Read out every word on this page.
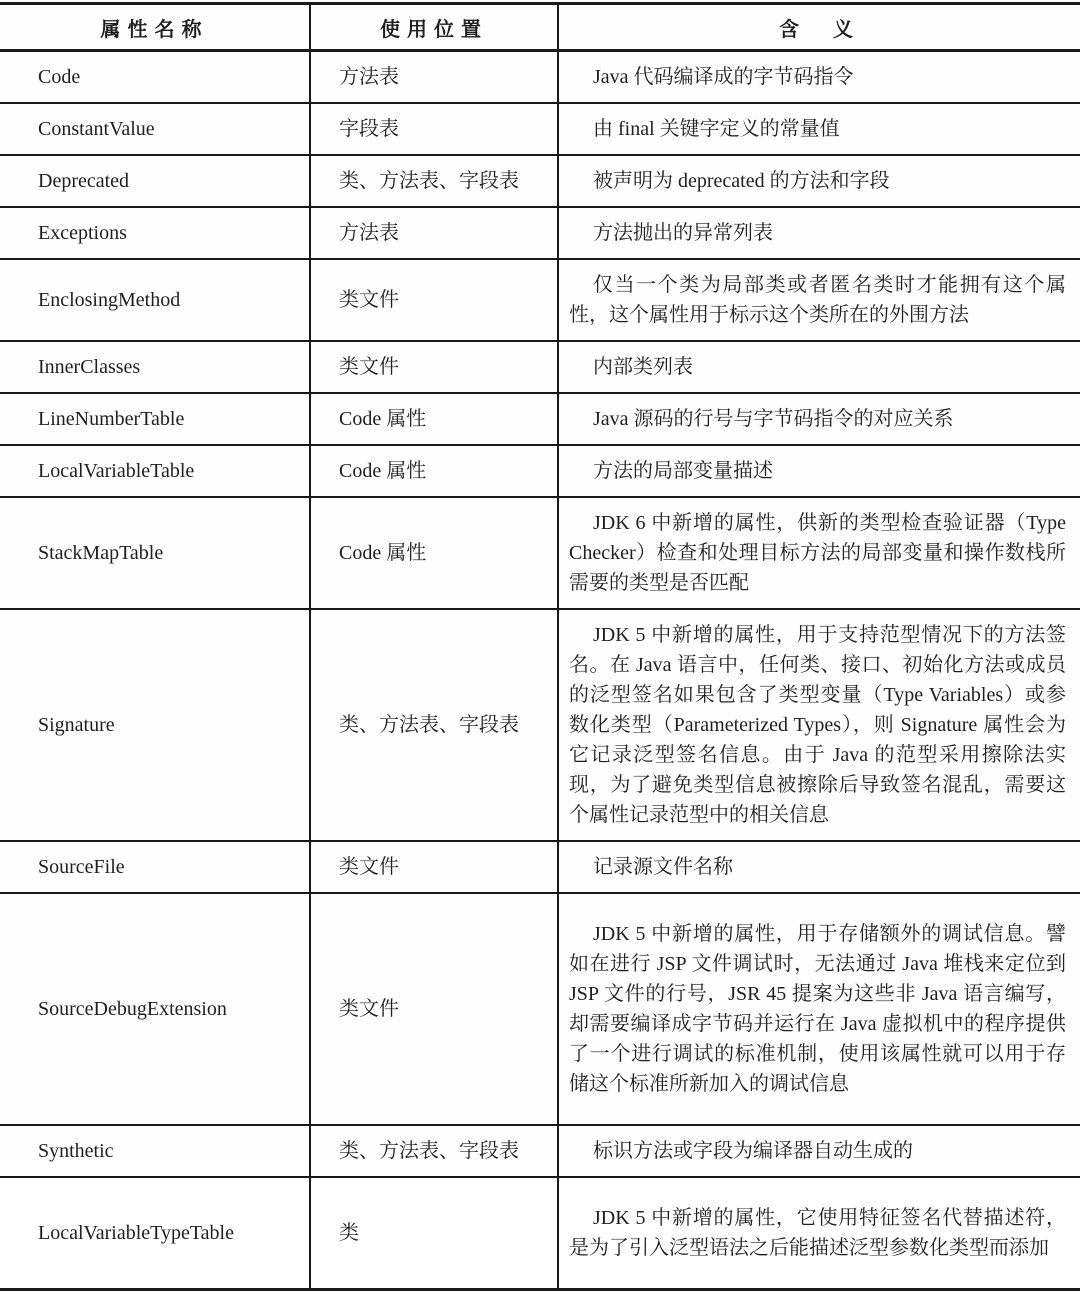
属性名称	使用位置	含　义
Code	方法表	Java 代码编译成的字节码指令

ConstantValue	字段表	由 final 关键字定义的常量值

Deprecated	类、方法表、字段表	被声明为 deprecated 的方法和字段

Exceptions	方法表	方法抛出的异常列表

EnclosingMethod	类文件	仅当一个类为局部类或者匿名类时才能拥有这个属性，这个属性用于标示这个类所在的外围方法

InnerClasses	类文件	内部类列表

LineNumberTable	Code 属性	Java 源码的行号与字节码指令的对应关系

LocalVariableTable	Code 属性	方法的局部变量描述

StackMapTable	Code 属性	JDK 6 中新增的属性，供新的类型检查验证器（Type Checker）检查和处理目标方法的局部变量和操作数栈所需要的类型是否匹配

Signature	类、方法表、字段表	JDK 5 中新增的属性，用于支持范型情况下的方法签名。在 Java 语言中，任何类、接口、初始化方法或成员的泛型签名如果包含了类型变量（Type Variables）或参数化类型（Parameterized Types），则 Signature 属性会为它记录泛型签名信息。由于 Java 的范型采用擦除法实现，为了避免类型信息被擦除后导致签名混乱，需要这个属性记录范型中的相关信息

SourceFile	类文件	记录源文件名称

SourceDebugExtension	类文件	JDK 5 中新增的属性，用于存储额外的调试信息。譬如在进行 JSP 文件调试时，无法通过 Java 堆栈来定位到 JSP 文件的行号，JSR 45 提案为这些非 Java 语言编写，却需要编译成字节码并运行在 Java 虚拟机中的程序提供了一个进行调试的标准机制，使用该属性就可以用于存储这个标准所新加入的调试信息

Synthetic	类、方法表、字段表	标识方法或字段为编译器自动生成的

LocalVariableTypeTable	类	JDK 5 中新增的属性，它使用特征签名代替描述符，是为了引入泛型语法之后能描述泛型参数化类型而添加
